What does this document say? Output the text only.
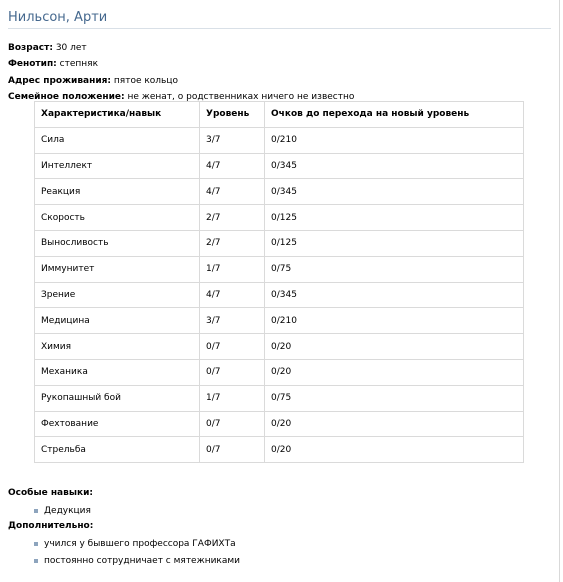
Нильсон, Арти
Возраст: 30 лет
Фенотип: степняк
Адрес проживания: пятое кольцо
Семейное положение: не женат, о родственниках ничего не известно
Характеристика/навык	Уровень	Очков до перехода на новый уровень
Сила	3/7	0/210
Интеллект	4/7	0/345
Реакция	4/7	0/345
Скорость	2/7	0/125
Выносливость	2/7	0/125
Иммунитет	1/7	0/75
Зрение	4/7	0/345
Медицина	3/7	0/210
Химия	0/7	0/20
Механика	0/7	0/20
Рукопашный бой	1/7	0/75
Фехтование	0/7	0/20
Стрельба	0/7	0/20
Особые навыки:
Дедукция
Дополнительно:
учился у бывшего профессора ГАФИХТа
постоянно сотрудничает с мятежниками
